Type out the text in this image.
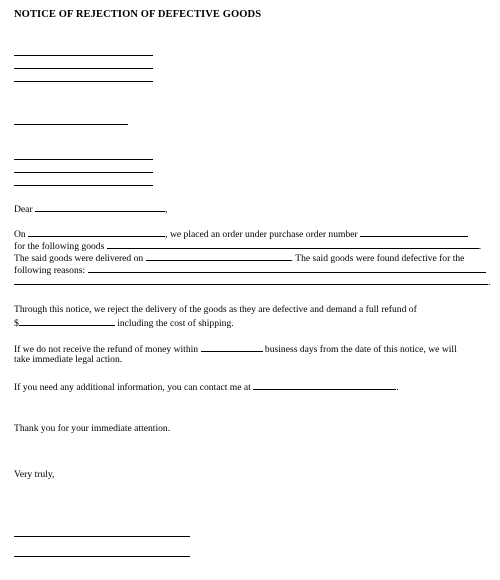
NOTICE OF REJECTION OF DEFECTIVE GOODS
Dear	,
On	, we placed an order under purchase order number
for the following goods	.
The said goods were delivered on	. The said goods were found defective for the
following reasons:
.
Through this notice, we reject the delivery of the goods as they are defective and demand a full refund of
$	including the cost of shipping.
If we do not receive the refund of money within	business days from the date of this notice, we will
take immediate legal action.
If you need any additional information, you can contact me at	.
Thank you for your immediate attention.
Very truly,
